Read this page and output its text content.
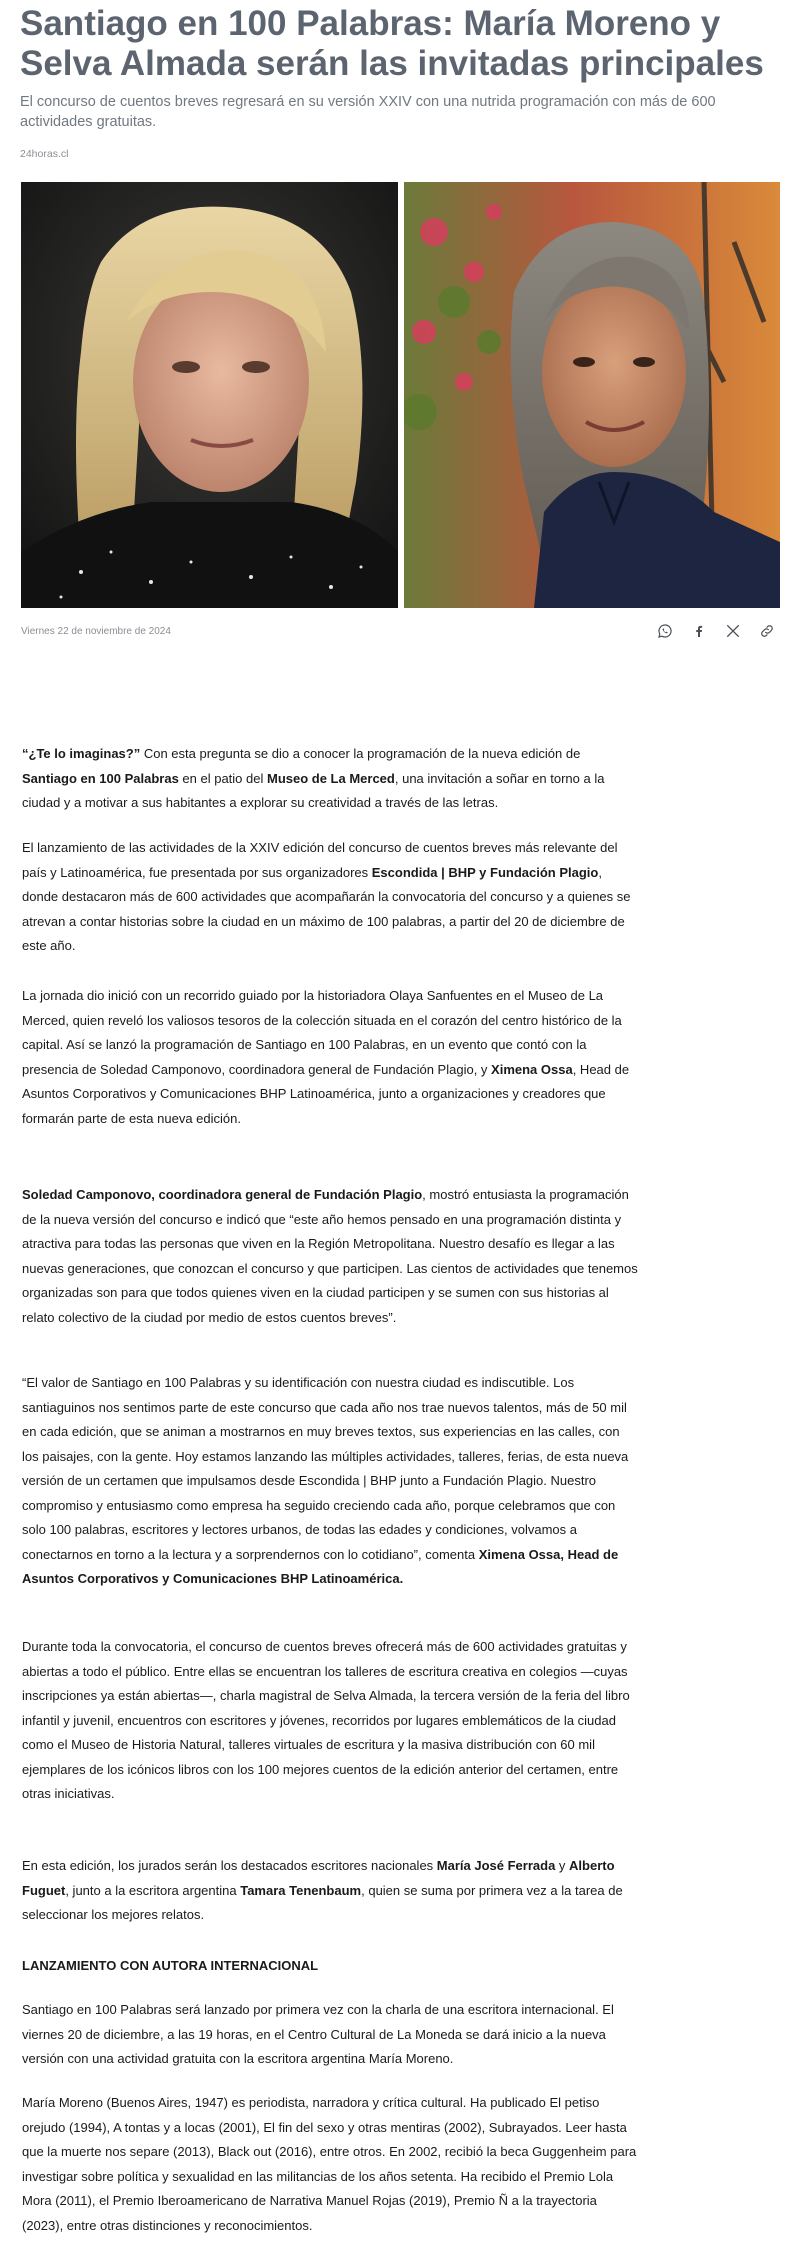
Santiago en 100 Palabras: María Moreno y Selva Almada serán las invitadas principales

El concurso de cuentos breves regresará en su versión XXIV con una nutrida programación con más de 600 actividades gratuitas.

24horas.cl

Viernes 22 de noviembre de 2024

“¿Te lo imaginas?” Con esta pregunta se dio a conocer la programación de la nueva edición de Santiago en 100 Palabras en el patio del Museo de La Merced, una invitación a soñar en torno a la ciudad y a motivar a sus habitantes a explorar su creatividad a través de las letras.

El lanzamiento de las actividades de la XXIV edición del concurso de cuentos breves más relevante del país y Latinoamérica, fue presentada por sus organizadores Escondida | BHP y Fundación Plagio, donde destacaron más de 600 actividades que acompañarán la convocatoria del concurso y a quienes se atrevan a contar historias sobre la ciudad en un máximo de 100 palabras, a partir del 20 de diciembre de este año.

La jornada dio inició con un recorrido guiado por la historiadora Olaya Sanfuentes en el Museo de La Merced, quien reveló los valiosos tesoros de la colección situada en el corazón del centro histórico de la capital. Así se lanzó la programación de Santiago en 100 Palabras, en un evento que contó con la presencia de Soledad Camponovo, coordinadora general de Fundación Plagio, y Ximena Ossa, Head de Asuntos Corporativos y Comunicaciones BHP Latinoamérica, junto a organizaciones y creadores que formarán parte de esta nueva edición.

Soledad Camponovo, coordinadora general de Fundación Plagio, mostró entusiasta la programación de la nueva versión del concurso e indicó que “este año hemos pensado en una programación distinta y atractiva para todas las personas que viven en la Región Metropolitana. Nuestro desafío es llegar a las nuevas generaciones, que conozcan el concurso y que participen. Las cientos de actividades que tenemos organizadas son para que todos quienes viven en la ciudad participen y se sumen con sus historias al relato colectivo de la ciudad por medio de estos cuentos breves”.

“El valor de Santiago en 100 Palabras y su identificación con nuestra ciudad es indiscutible. Los santiaguinos nos sentimos parte de este concurso que cada año nos trae nuevos talentos, más de 50 mil en cada edición, que se animan a mostrarnos en muy breves textos, sus experiencias en las calles, con los paisajes, con la gente. Hoy estamos lanzando las múltiples actividades, talleres, ferias, de esta nueva versión de un certamen que impulsamos desde Escondida | BHP junto a Fundación Plagio. Nuestro compromiso y entusiasmo como empresa ha seguido creciendo cada año, porque celebramos que con solo 100 palabras, escritores y lectores urbanos, de todas las edades y condiciones, volvamos a conectarnos en torno a la lectura y a sorprendernos con lo cotidiano”, comenta Ximena Ossa, Head de Asuntos Corporativos y Comunicaciones BHP Latinoamérica.

Durante toda la convocatoria, el concurso de cuentos breves ofrecerá más de 600 actividades gratuitas y abiertas a todo el público. Entre ellas se encuentran los talleres de escritura creativa en colegios —cuyas inscripciones ya están abiertas—, charla magistral de Selva Almada, la tercera versión de la feria del libro infantil y juvenil, encuentros con escritores y jóvenes, recorridos por lugares emblemáticos de la ciudad como el Museo de Historia Natural, talleres virtuales de escritura y la masiva distribución con 60 mil ejemplares de los icónicos libros con los 100 mejores cuentos de la edición anterior del certamen, entre otras iniciativas.

En esta edición, los jurados serán los destacados escritores nacionales María José Ferrada y Alberto Fuguet, junto a la escritora argentina Tamara Tenenbaum, quien se suma por primera vez a la tarea de seleccionar los mejores relatos.

LANZAMIENTO CON AUTORA INTERNACIONAL

Santiago en 100 Palabras será lanzado por primera vez con la charla de una escritora internacional. El viernes 20 de diciembre, a las 19 horas, en el Centro Cultural de La Moneda se dará inicio a la nueva versión con una actividad gratuita con la escritora argentina María Moreno.

María Moreno (Buenos Aires, 1947) es periodista, narradora y crítica cultural. Ha publicado El petiso orejudo (1994), A tontas y a locas (2001), El fin del sexo y otras mentiras (2002), Subrayados. Leer hasta que la muerte nos separe (2013), Black out (2016), entre otros. En 2002, recibió la beca Guggenheim para investigar sobre política y sexualidad en las militancias de los años setenta. Ha recibido el Premio Lola Mora (2011), el Premio Iberoamericano de Narrativa Manuel Rojas (2019), Premio Ñ a la trayectoria (2023), entre otras distinciones y reconocimientos.
